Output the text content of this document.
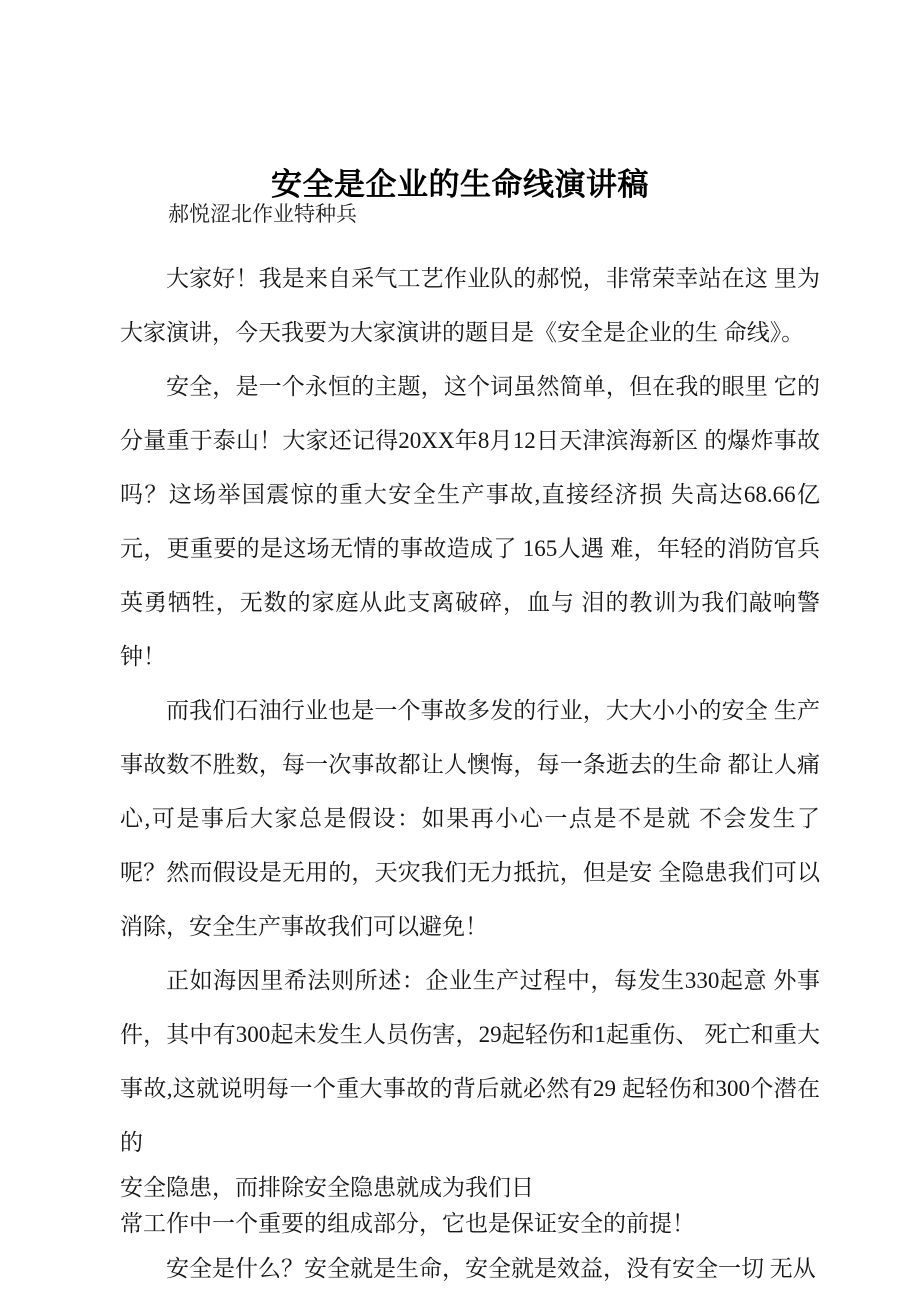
安全是企业的生命线演讲稿
郝悦涩北作业特种兵

大家好！我是来自采气工艺作业队的郝悦，非常荣幸站在这 里为大家演讲，今天我要为大家演讲的题目是《安全是企业的生 命线》。

安全，是一个永恒的主题，这个词虽然简单，但在我的眼里 它的分量重于泰山！大家还记得20XX年8月12日天津滨海新区 的爆炸事故吗？这场举国震惊的重大安全生产事故,直接经济损 失高达68.66亿元，更重要的是这场无情的事故造成了 165人遇 难，年轻的消防官兵英勇牺牲，无数的家庭从此支离破碎，血与 泪的教训为我们敲响警钟！

而我们石油行业也是一个事故多发的行业，大大小小的安全 生产事故数不胜数，每一次事故都让人懊悔，每一条逝去的生命 都让人痛心,可是事后大家总是假设：如果再小心一点是不是就 不会发生了呢？然而假设是无用的，天灾我们无力抵抗，但是安 全隐患我们可以消除，安全生产事故我们可以避免！

正如海因里希法则所述：企业生产过程中，每发生330起意 外事件，其中有300起未发生人员伤害，29起轻伤和1起重伤、 死亡和重大事故,这就说明每一个重大事故的背后就必然有29 起轻伤和300个潜在的

安全隐患，而排除安全隐患就成为我们日
常工作中一个重要的组成部分，它也是保证安全的前提！

安全是什么？安全就是生命，安全就是效益，没有安全一切 无从
